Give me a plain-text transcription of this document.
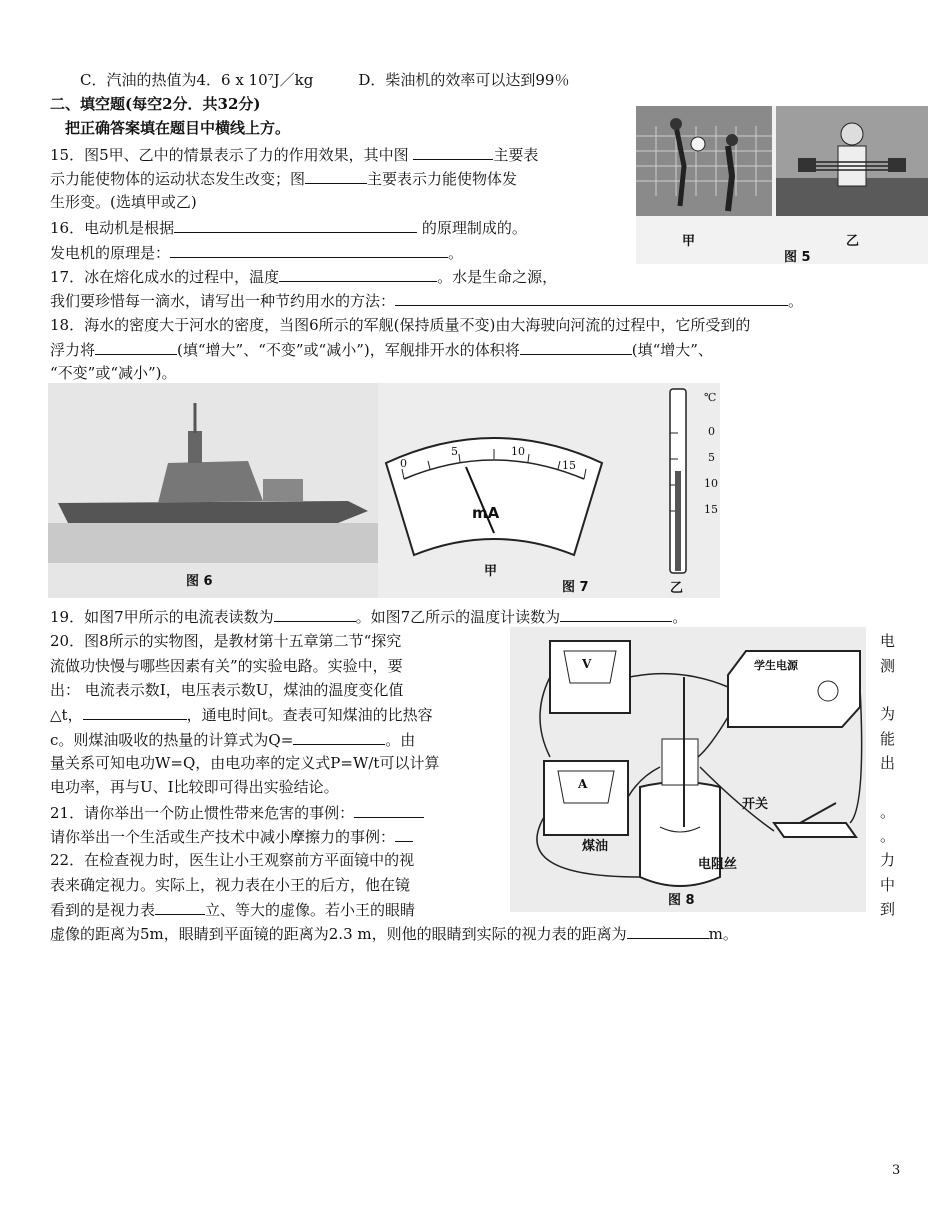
　　C．汽油的热值为4．6 x 10⁷J／kg　　　D．柴油机的效率可以达到99％
二、填空题(每空2分．共32分)
　把正确答案填在题目中横线上方。
15．图5甲、乙中的情景表示了力的作用效果，其中图	主要表
示力能使物体的运动状态发生改变；图	主要表示力能使物体发
生形变。(选填甲或乙)
16．电动机是根据	的原理制成的。
发电机的原理是：	。
17．冰在熔化成水的过程中，温度	。水是生命之源，
我们要珍惜每一滴水，请写出一种节约用水的方法：	。
18．海水的密度大于河水的密度，当图6所示的军舰(保持质量不变)由大海驶向河流的过程中，它所受到的
浮力将	(填“增大”、“不变”或“减小”)，军舰排开水的体积将	(填“增大”、
“不变”或“减小”)。
19．如图7甲所示的电流表读数为	。如图7乙所示的温度计读数为	。
20．图8所示的实物图，是教材第十五章第二节“探究
流做功快慢与哪些因素有关”的实验电路。实验中，要
出： 电流表示数I，电压表示数U，煤油的温度变化值
△t，	，通电时间t。查表可知煤油的比热容
c。则煤油吸收的热量的计算式为Q=	。由
量关系可知电功W=Q，由电功率的定义式P=W/t可以计算
电功率，再与U、I比较即可得出实验结论。
21．请你举出一个防止惯性带来危害的事例：
请你举出一个生活或生产技术中减小摩擦力的事例：
22．在检查视力时，医生让小王观察前方平面镜中的视
表来确定视力。实际上，视力表在小王的后方，他在镜
看到的是视力表	立、等大的虚像。若小王的眼睛
虚像的距离为5m，眼睛到平面镜的距离为2.3 m，则他的眼睛到实际的视力表的距离为	m。
电
测
为
能
出
。
。
力
中
到
甲	乙
图 5
图 6
0
5	10
15
mA
甲
图 7
℃
0
5
10
15
乙
V
A
学生电源
开关
煤油
电阻丝
图 8
3
